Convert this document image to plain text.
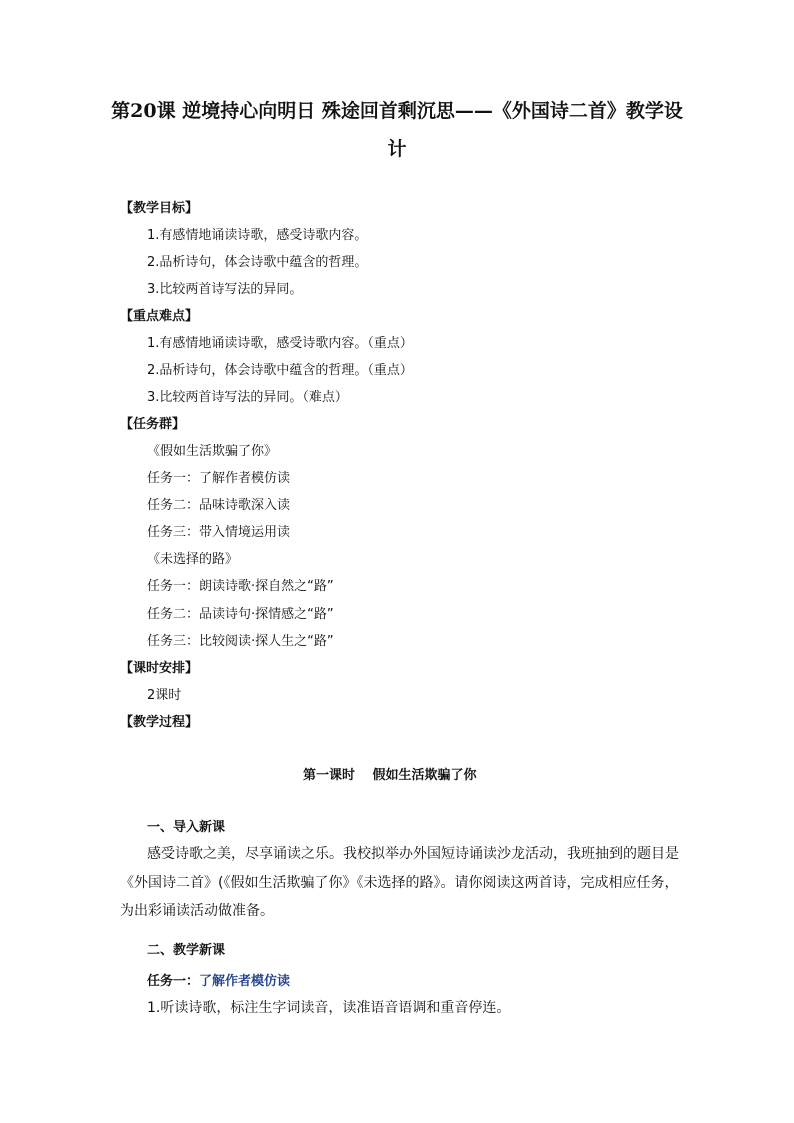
第20课 逆境持心向明日 殊途回首剩沉思——《外国诗二首》教学设
计
【教学目标】
1.有感情地诵读诗歌，感受诗歌内容。
2.品析诗句，体会诗歌中蕴含的哲理。
3.比较两首诗写法的异同。
【重点难点】
1.有感情地诵读诗歌，感受诗歌内容。（重点）
2.品析诗句，体会诗歌中蕴含的哲理。（重点）
3.比较两首诗写法的异同。（难点）
【任务群】
《假如生活欺骗了你》
任务一：了解作者模仿读
任务二：品味诗歌深入读
任务三：带入情境运用读
《未选择的路》
任务一：朗读诗歌·探自然之“路”
任务二：品读诗句·探情感之“路”
任务三：比较阅读·探人生之“路”
【课时安排】
2课时
【教学过程】
第一课时　 假如生活欺骗了你
一、导入新课
感受诗歌之美，尽享诵读之乐。我校拟举办外国短诗诵读沙龙活动，我班抽到的题目是《外国诗二首》(《假如生活欺骗了你》《未选择的路》。请你阅读这两首诗，完成相应任务，为出彩诵读活动做准备。
二、教学新课
任务一：了解作者模仿读
1.听读诗歌，标注生字词读音，读准语音语调和重音停连。
